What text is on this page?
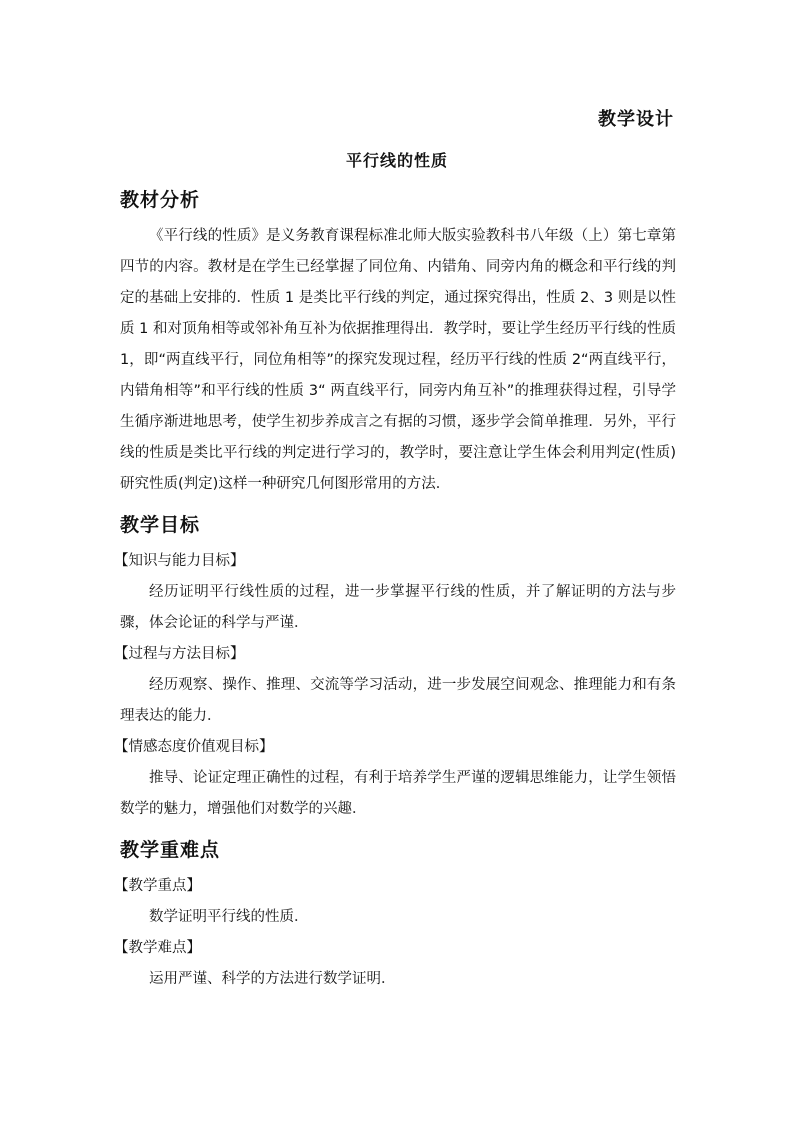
教学设计
平行线的性质
教材分析

《平行线的性质》是义务教育课程标准北师大版实验教科书八年级（上）第七章第四节的内容。教材是在学生已经掌握了同位角、内错角、同旁内角的概念和平行线的判定的基础上安排的．性质 1 是类比平行线的判定，通过探究得出，性质 2、3 则是以性质 1 和对顶角相等或邻补角互补为依据推理得出．教学时，要让学生经历平行线的性质 1，即“两直线平行，同位角相等”的探究发现过程，经历平行线的性质 2“两直线平行，内错角相等”和平行线的性质 3“ 两直线平行，同旁内角互补”的推理获得过程，引导学生循序渐进地思考，使学生初步养成言之有据的习惯，逐步学会简单推理．另外，平行线的性质是类比平行线的判定进行学习的，教学时，要注意让学生体会利用判定(性质)研究性质(判定)这样一种研究几何图形常用的方法．

教学目标
【知识与能力目标】

经历证明平行线性质的过程，进一步掌握平行线的性质，并了解证明的方法与步骤，体会论证的科学与严谨．

【过程与方法目标】

经历观察、操作、推理、交流等学习活动，进一步发展空间观念、推理能力和有条理表达的能力．

【情感态度价值观目标】

推导、论证定理正确性的过程，有利于培养学生严谨的逻辑思维能力，让学生领悟数学的魅力，增强他们对数学的兴趣．

教学重难点
【教学重点】

数学证明平行线的性质．

【教学难点】

运用严谨、科学的方法进行数学证明．
